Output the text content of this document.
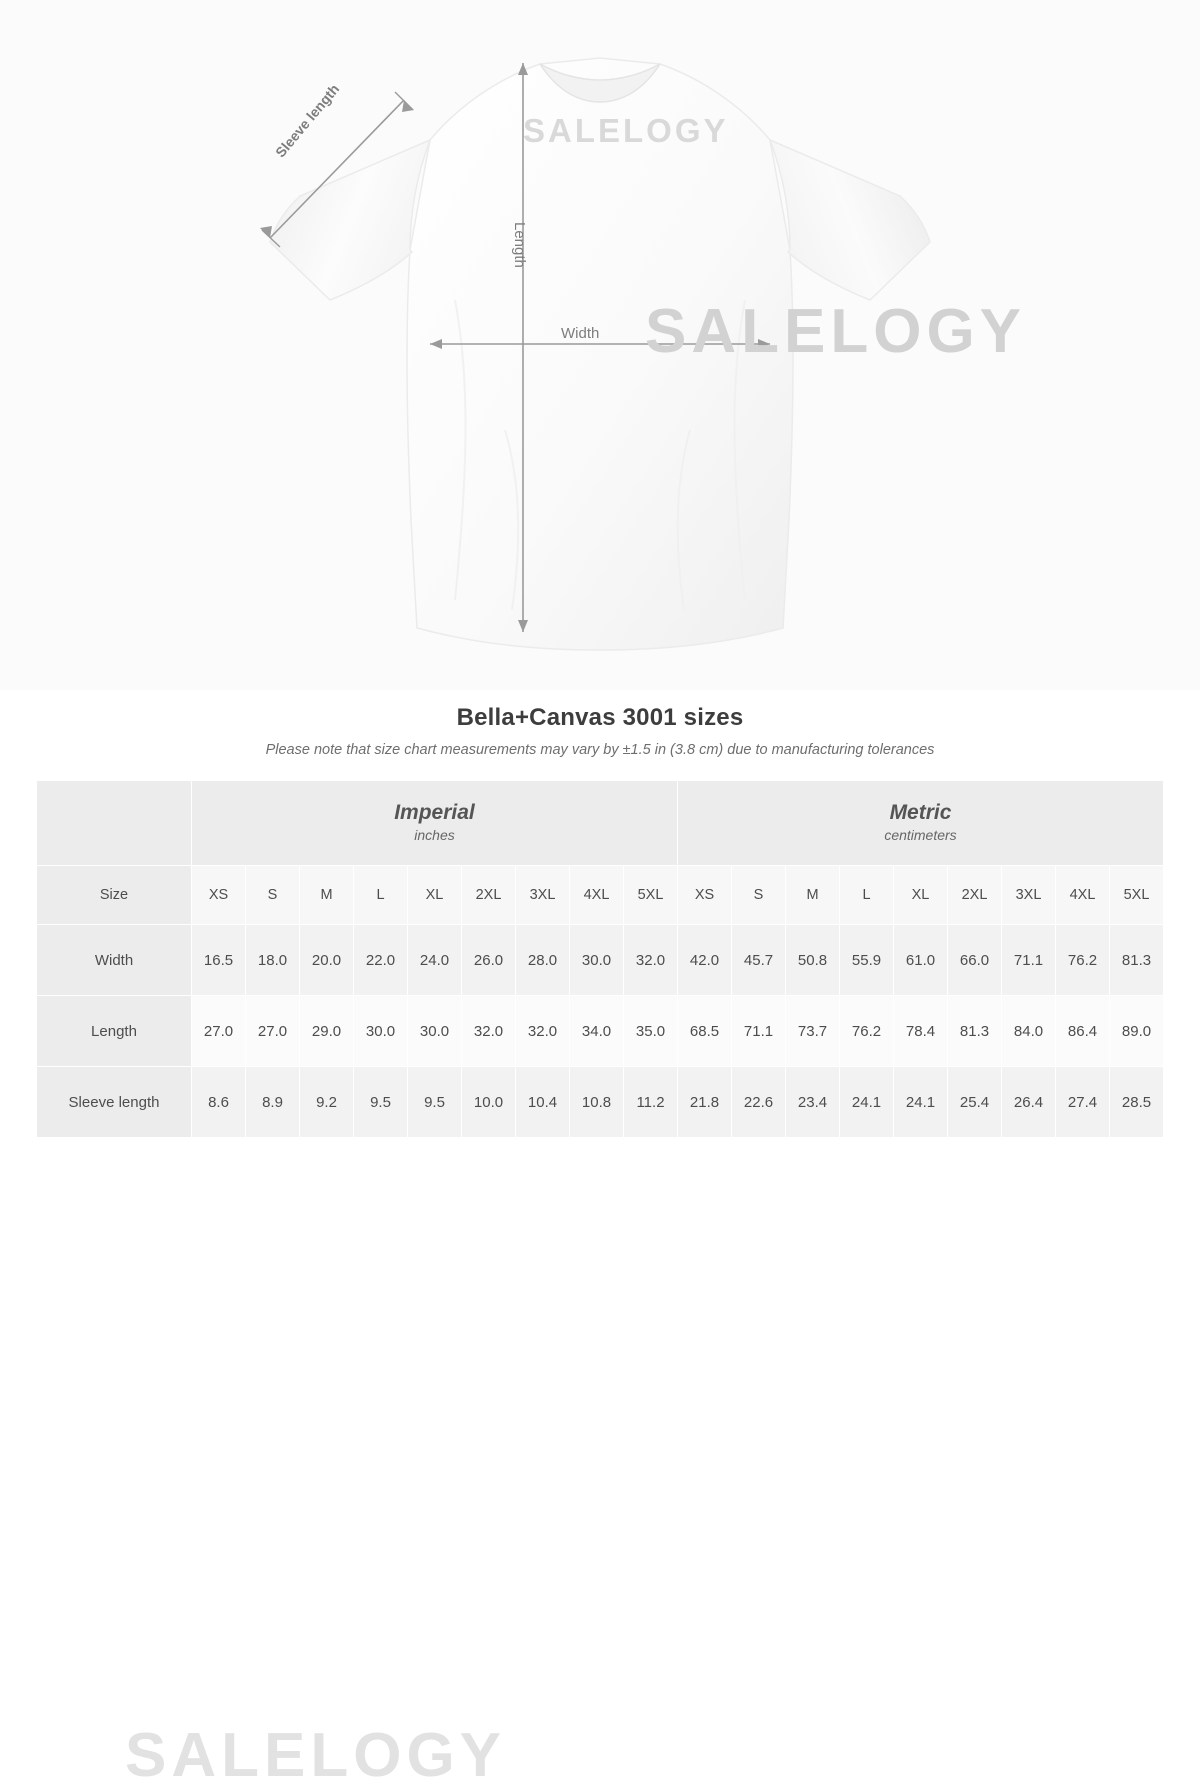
SALELOGY
SALELOGY
Sleeve length
Length
Width
Bella+Canvas 3001 sizes
Please note that size chart measurements may vary by ±1.5 in (3.8 cm) due to manufacturing tolerances
SALELOGY

Imperial
inches

Metric
centimeters

Size	XS	S	M	L	XL	2XL	3XL	4XL	5XL	XS	S	M	L	XL	2XL	3XL	4XL	5XL
Width	16.5	18.0	20.0	22.0	24.0	26.0	28.0	30.0	32.0	42.0	45.7	50.8	55.9	61.0	66.0	71.1	76.2	81.3
Length	27.0	27.0	29.0	30.0	30.0	32.0	32.0	34.0	35.0	68.5	71.1	73.7	76.2	78.4	81.3	84.0	86.4	89.0
Sleeve length	8.6	8.9	9.2	9.5	9.5	10.0	10.4	10.8	11.2	21.8	22.6	23.4	24.1	24.1	25.4	26.4	27.4	28.5
